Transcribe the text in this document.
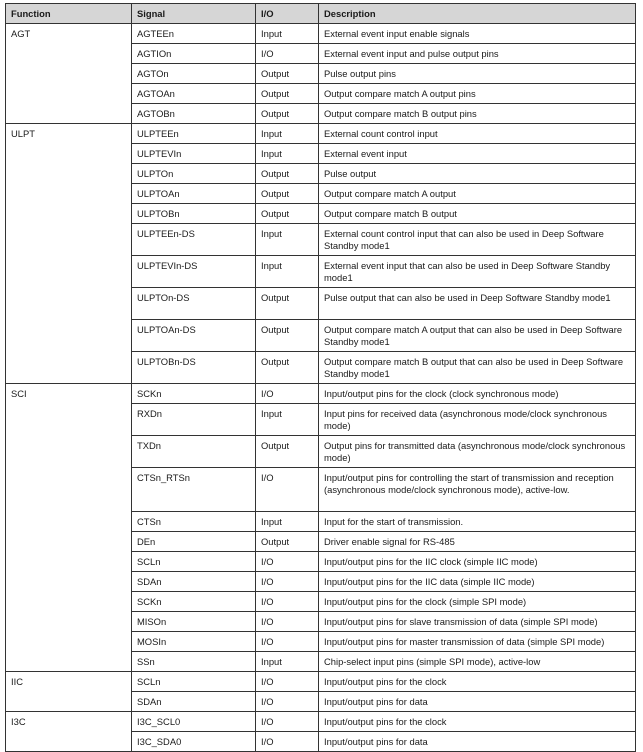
Function	Signal	I/O	Description
AGT	AGTEEn	Input	External event input enable signals
	AGTIOn	I/O	External event input and pulse output pins
	AGTOn	Output	Pulse output pins
	AGTOAn	Output	Output compare match A output pins
	AGTOBn	Output	Output compare match B output pins
ULPT	ULPTEEn	Input	External count control input
	ULPTEVIn	Input	External event input
	ULPTOn	Output	Pulse output
	ULPTOAn	Output	Output compare match A output
	ULPTOBn	Output	Output compare match B output
	ULPTEEn-DS	Input	External count control input that can also be used in Deep Software Standby mode1
	ULPTEVIn-DS	Input	External event input that can also be used in Deep Software Standby mode1
	ULPTOn-DS	Output	Pulse output that can also be used in Deep Software Standby mode1
	ULPTOAn-DS	Output	Output compare match A output that can also be used in Deep Software Standby mode1
	ULPTOBn-DS	Output	Output compare match B output that can also be used in Deep Software Standby mode1
SCI	SCKn	I/O	Input/output pins for the clock (clock synchronous mode)
	RXDn	Input	Input pins for received data (asynchronous mode/clock synchronous mode)
	TXDn	Output	Output pins for transmitted data (asynchronous mode/clock synchronous mode)
	CTSn_RTSn	I/O	Input/output pins for controlling the start of transmission and reception (asynchronous mode/clock synchronous mode), active-low.
	CTSn	Input	Input for the start of transmission.
	DEn	Output	Driver enable signal for RS-485
	SCLn	I/O	Input/output pins for the IIC clock (simple IIC mode)
	SDAn	I/O	Input/output pins for the IIC data (simple IIC mode)
	SCKn	I/O	Input/output pins for the clock (simple SPI mode)
	MISOn	I/O	Input/output pins for slave transmission of data (simple SPI mode)
	MOSIn	I/O	Input/output pins for master transmission of data (simple SPI mode)
	SSn	Input	Chip-select input pins (simple SPI mode), active-low
IIC	SCLn	I/O	Input/output pins for the clock
	SDAn	I/O	Input/output pins for data
I3C	I3C_SCL0	I/O	Input/output pins for the clock
	I3C_SDA0	I/O	Input/output pins for data
